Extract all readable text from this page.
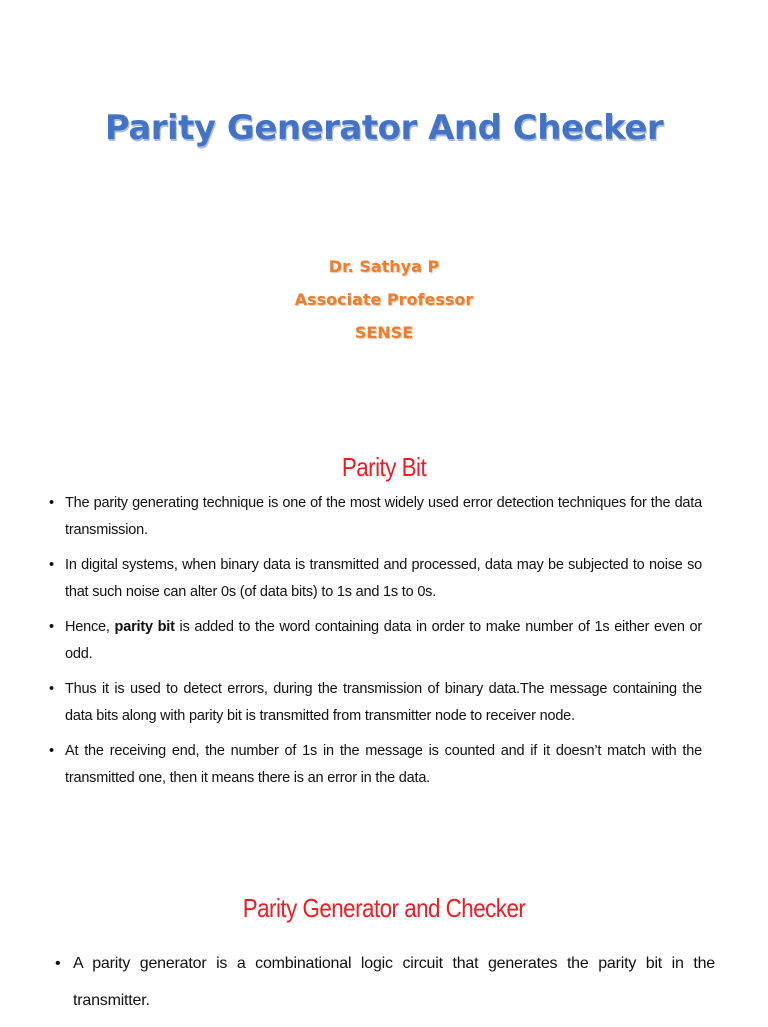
Parity Generator And Checker
Dr. Sathya P
Associate Professor
SENSE
Parity Bit
• The parity generating technique is one of the most widely used error detection techniques for the data transmission.
• In digital systems, when binary data is transmitted and processed, data may be subjected to noise so that such noise can alter 0s (of data bits) to 1s and 1s to 0s.
• Hence, parity bit is added to the word containing data in order to make number of 1s either even or odd.
• Thus it is used to detect errors, during the transmission of binary data.The message containing the data bits along with parity bit is transmitted from transmitter node to receiver node.
• At the receiving end, the number of 1s in the message is counted and if it doesn’t match with the transmitted one, then it means there is an error in the data.
Parity Generator and Checker
• A parity generator is a combinational logic circuit that generates the parity bit in the transmitter.
